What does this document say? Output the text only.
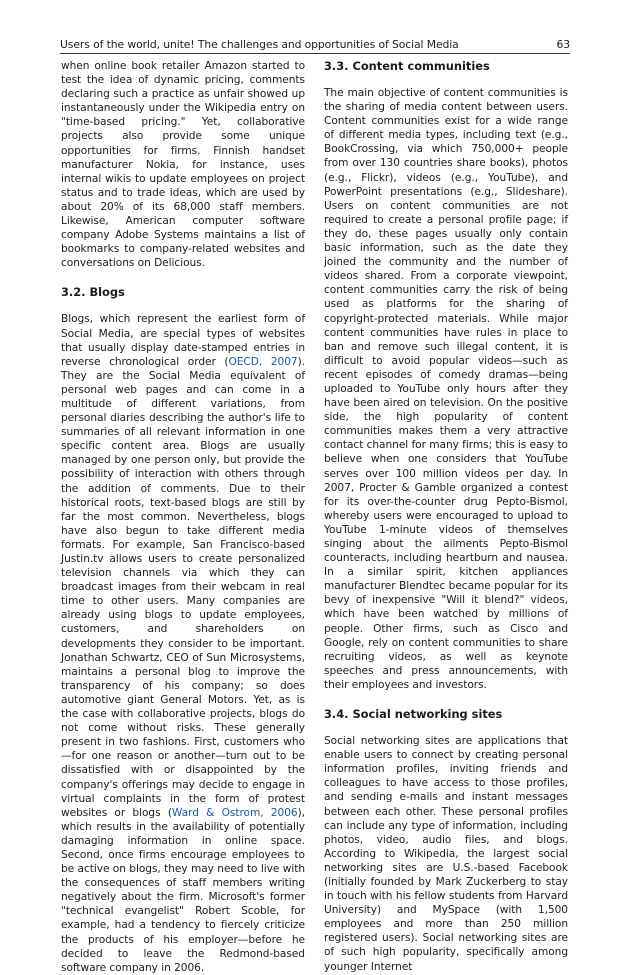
Users of the world, unite! The challenges and opportunities of Social Media	63

when online book retailer Amazon started to test the idea of dynamic pricing, comments declaring such a practice as unfair showed up instantaneously under the Wikipedia entry on "time-based pricing." Yet, collaborative projects also provide some unique opportunities for firms. Finnish handset manufacturer Nokia, for instance, uses internal wikis to update employees on project status and to trade ideas, which are used by about 20% of its 68,000 staff members. Likewise, American computer software company Adobe Systems maintains a list of bookmarks to company-related websites and conversations on Delicious.

3.2. Blogs

Blogs, which represent the earliest form of Social Media, are special types of websites that usually display date-stamped entries in reverse chronological order (OECD, 2007). They are the Social Media equivalent of personal web pages and can come in a multitude of different variations, from personal diaries describing the author's life to summaries of all relevant information in one specific content area. Blogs are usually managed by one person only, but provide the possibility of interaction with others through the addition of comments. Due to their historical roots, text-based blogs are still by far the most common. Nevertheless, blogs have also begun to take different media formats. For example, San Francisco-based Justin.tv allows users to create personalized television channels via which they can broadcast images from their webcam in real time to other users. Many companies are already using blogs to update employees, customers, and shareholders on developments they consider to be important. Jonathan Schwartz, CEO of Sun Microsystems, maintains a personal blog to improve the transparency of his company; so does automotive giant General Motors. Yet, as is the case with collaborative projects, blogs do not come without risks. These generally present in two fashions. First, customers who—for one reason or another—turn out to be dissatisfied with or disappointed by the company's offerings may decide to engage in virtual complaints in the form of protest websites or blogs (Ward & Ostrom, 2006), which results in the availability of potentially damaging information in online space. Second, once firms encourage employees to be active on blogs, they may need to live with the consequences of staff members writing negatively about the firm. Microsoft's former "technical evangelist" Robert Scoble, for example, had a tendency to fiercely criticize the products of his employer—before he decided to leave the Redmond-based software company in 2006.

3.3. Content communities

The main objective of content communities is the sharing of media content between users. Content communities exist for a wide range of different media types, including text (e.g., BookCrossing, via which 750,000+ people from over 130 countries share books), photos (e.g., Flickr), videos (e.g., YouTube), and PowerPoint presentations (e.g., Slideshare). Users on content communities are not required to create a personal profile page; if they do, these pages usually only contain basic information, such as the date they joined the community and the number of videos shared. From a corporate viewpoint, content communities carry the risk of being used as platforms for the sharing of copyright-protected materials. While major content communities have rules in place to ban and remove such illegal content, it is difficult to avoid popular videos—such as recent episodes of comedy dramas—being uploaded to YouTube only hours after they have been aired on television. On the positive side, the high popularity of content communities makes them a very attractive contact channel for many firms; this is easy to believe when one considers that YouTube serves over 100 million videos per day. In 2007, Procter & Gamble organized a contest for its over-the-counter drug Pepto-Bismol, whereby users were encouraged to upload to YouTube 1-minute videos of themselves singing about the ailments Pepto-Bismol counteracts, including heartburn and nausea. In a similar spirit, kitchen appliances manufacturer Blendtec became popular for its bevy of inexpensive "Will it blend?" videos, which have been watched by millions of people. Other firms, such as Cisco and Google, rely on content communities to share recruiting videos, as well as keynote speeches and press announcements, with their employees and investors.

3.4. Social networking sites

Social networking sites are applications that enable users to connect by creating personal information profiles, inviting friends and colleagues to have access to those profiles, and sending e-mails and instant messages between each other. These personal profiles can include any type of information, including photos, video, audio files, and blogs. According to Wikipedia, the largest social networking sites are U.S.-based Facebook (initially founded by Mark Zuckerberg to stay in touch with his fellow students from Harvard University) and MySpace (with 1,500 employees and more than 250 million registered users). Social networking sites are of such high popularity, specifically among younger Internet
